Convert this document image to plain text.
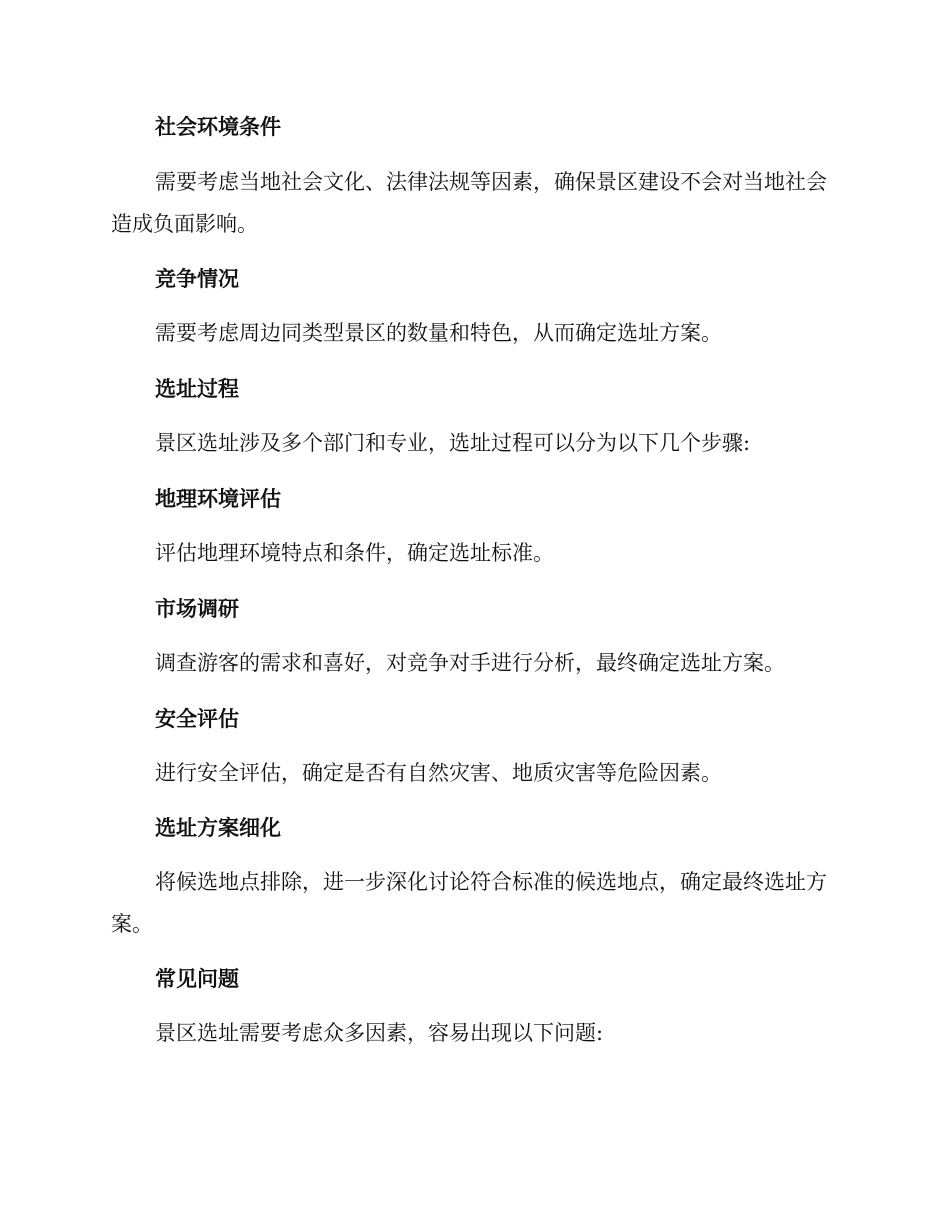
社会环境条件

需要考虑当地社会文化、法律法规等因素，确保景区建设不会对当地社会造成负面影响。

竞争情况

需要考虑周边同类型景区的数量和特色，从而确定选址方案。

选址过程

景区选址涉及多个部门和专业，选址过程可以分为以下几个步骤:

地理环境评估

评估地理环境特点和条件，确定选址标准。

市场调研

调查游客的需求和喜好，对竞争对手进行分析，最终确定选址方案。

安全评估

进行安全评估，确定是否有自然灾害、地质灾害等危险因素。

选址方案细化

将候选地点排除，进一步深化讨论符合标准的候选地点，确定最终选址方案。

常见问题

景区选址需要考虑众多因素，容易出现以下问题:
